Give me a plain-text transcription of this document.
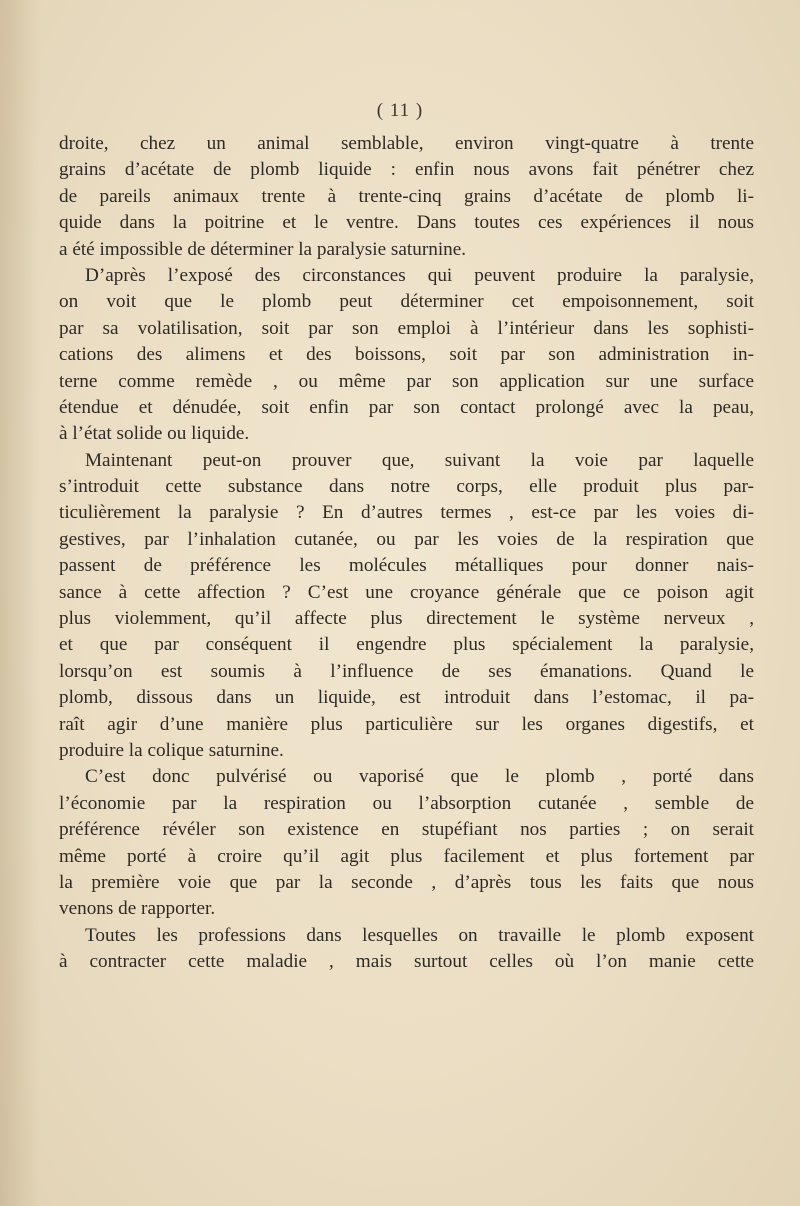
( 11 )
droite, chez un animal semblable, environ vingt-quatre à trente
grains d’acétate de plomb liquide : enfin nous avons fait pénétrer chez
de pareils animaux trente à trente-cinq grains d’acétate de plomb li-
quide dans la poitrine et le ventre. Dans toutes ces expériences il nous
a été impossible de déterminer la paralysie saturnine.
D’après l’exposé des circonstances qui peuvent produire la paralysie,
on voit que le plomb peut déterminer cet empoisonnement, soit
par sa volatilisation, soit par son emploi à l’intérieur dans les sophisti-
cations des alimens et des boissons, soit par son administration in-
terne comme remède , ou même par son application sur une surface
étendue et dénudée, soit enfin par son contact prolongé avec la peau,
à l’état solide ou liquide.
Maintenant peut-on prouver que, suivant la voie par laquelle
s’introduit cette substance dans notre corps, elle produit plus par-
ticulièrement la paralysie ? En d’autres termes , est-ce par les voies di-
gestives, par l’inhalation cutanée, ou par les voies de la respiration que
passent de préférence les molécules métalliques pour donner nais-
sance à cette affection ? C’est une croyance générale que ce poison agit
plus violemment, qu’il affecte plus directement le système nerveux ,
et que par conséquent il engendre plus spécialement la paralysie,
lorsqu’on est soumis à l’influence de ses émanations. Quand le
plomb, dissous dans un liquide, est introduit dans l’estomac, il pa-
raît agir d’une manière plus particulière sur les organes digestifs, et
produire la colique saturnine.
C’est donc pulvérisé ou vaporisé que le plomb , porté dans
l’économie par la respiration ou l’absorption cutanée , semble de
préférence révéler son existence en stupéfiant nos parties ; on serait
même porté à croire qu’il agit plus facilement et plus fortement par
la première voie que par la seconde , d’après tous les faits que nous
venons de rapporter.
Toutes les professions dans lesquelles on travaille le plomb exposent
à contracter cette maladie , mais surtout celles où l’on manie cette
